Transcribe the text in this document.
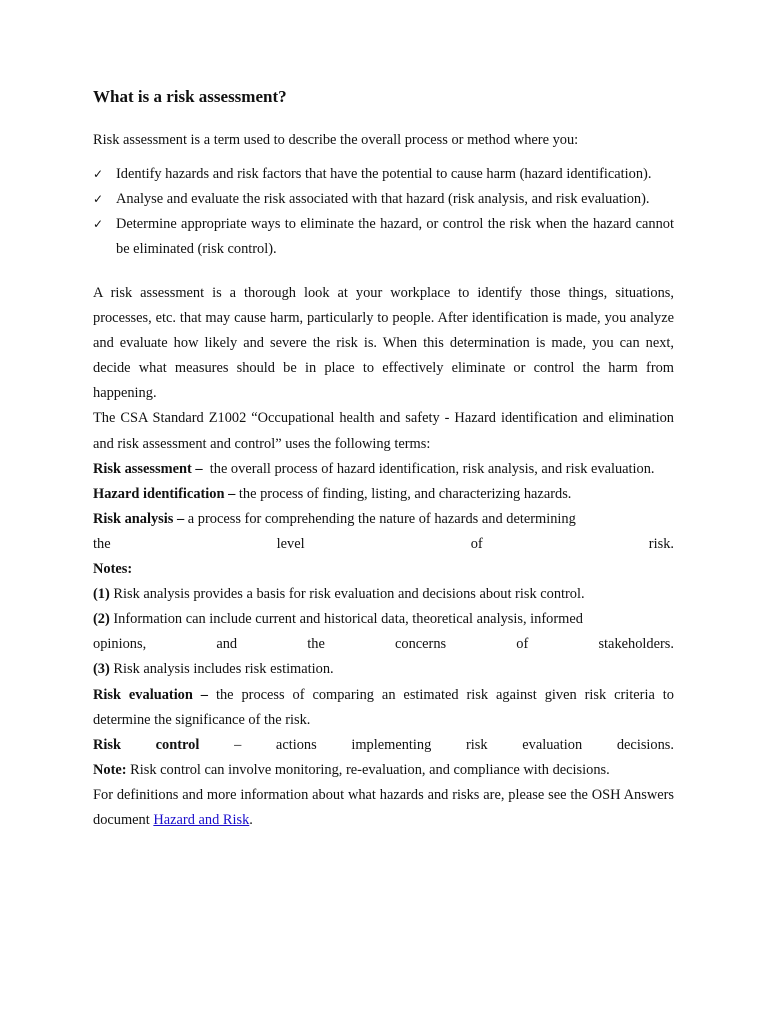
What is a risk assessment?

Risk assessment is a term used to describe the overall process or method where you:

✓ Identify hazards and risk factors that have the potential to cause harm (hazard identification).
✓ Analyse and evaluate the risk associated with that hazard (risk analysis, and risk evaluation).
✓ Determine appropriate ways to eliminate the hazard, or control the risk when the hazard cannot be eliminated (risk control).

A risk assessment is a thorough look at your workplace to identify those things, situations, processes, etc. that may cause harm, particularly to people. After identification is made, you analyze and evaluate how likely and severe the risk is. When this determination is made, you can next, decide what measures should be in place to effectively eliminate or control the harm from happening.

The CSA Standard Z1002 “Occupational health and safety - Hazard identification and elimination and risk assessment and control” uses the following terms:

Risk assessment – the overall process of hazard identification, risk analysis, and risk evaluation.

Hazard identification – the process of finding, listing, and characterizing hazards.

Risk analysis – a process for comprehending the nature of hazards and determining

the level of risk.

Notes:

(1) Risk analysis provides a basis for risk evaluation and decisions about risk control.

(2) Information can include current and historical data, theoretical analysis, informed

opinions, and the concerns of stakeholders.

(3) Risk analysis includes risk estimation.

Risk evaluation – the process of comparing an estimated risk against given risk criteria to determine the significance of the risk.

Risk control – actions implementing risk evaluation decisions.

Note: Risk control can involve monitoring, re-evaluation, and compliance with decisions.

For definitions and more information about what hazards and risks are, please see the OSH Answers document Hazard and Risk.
